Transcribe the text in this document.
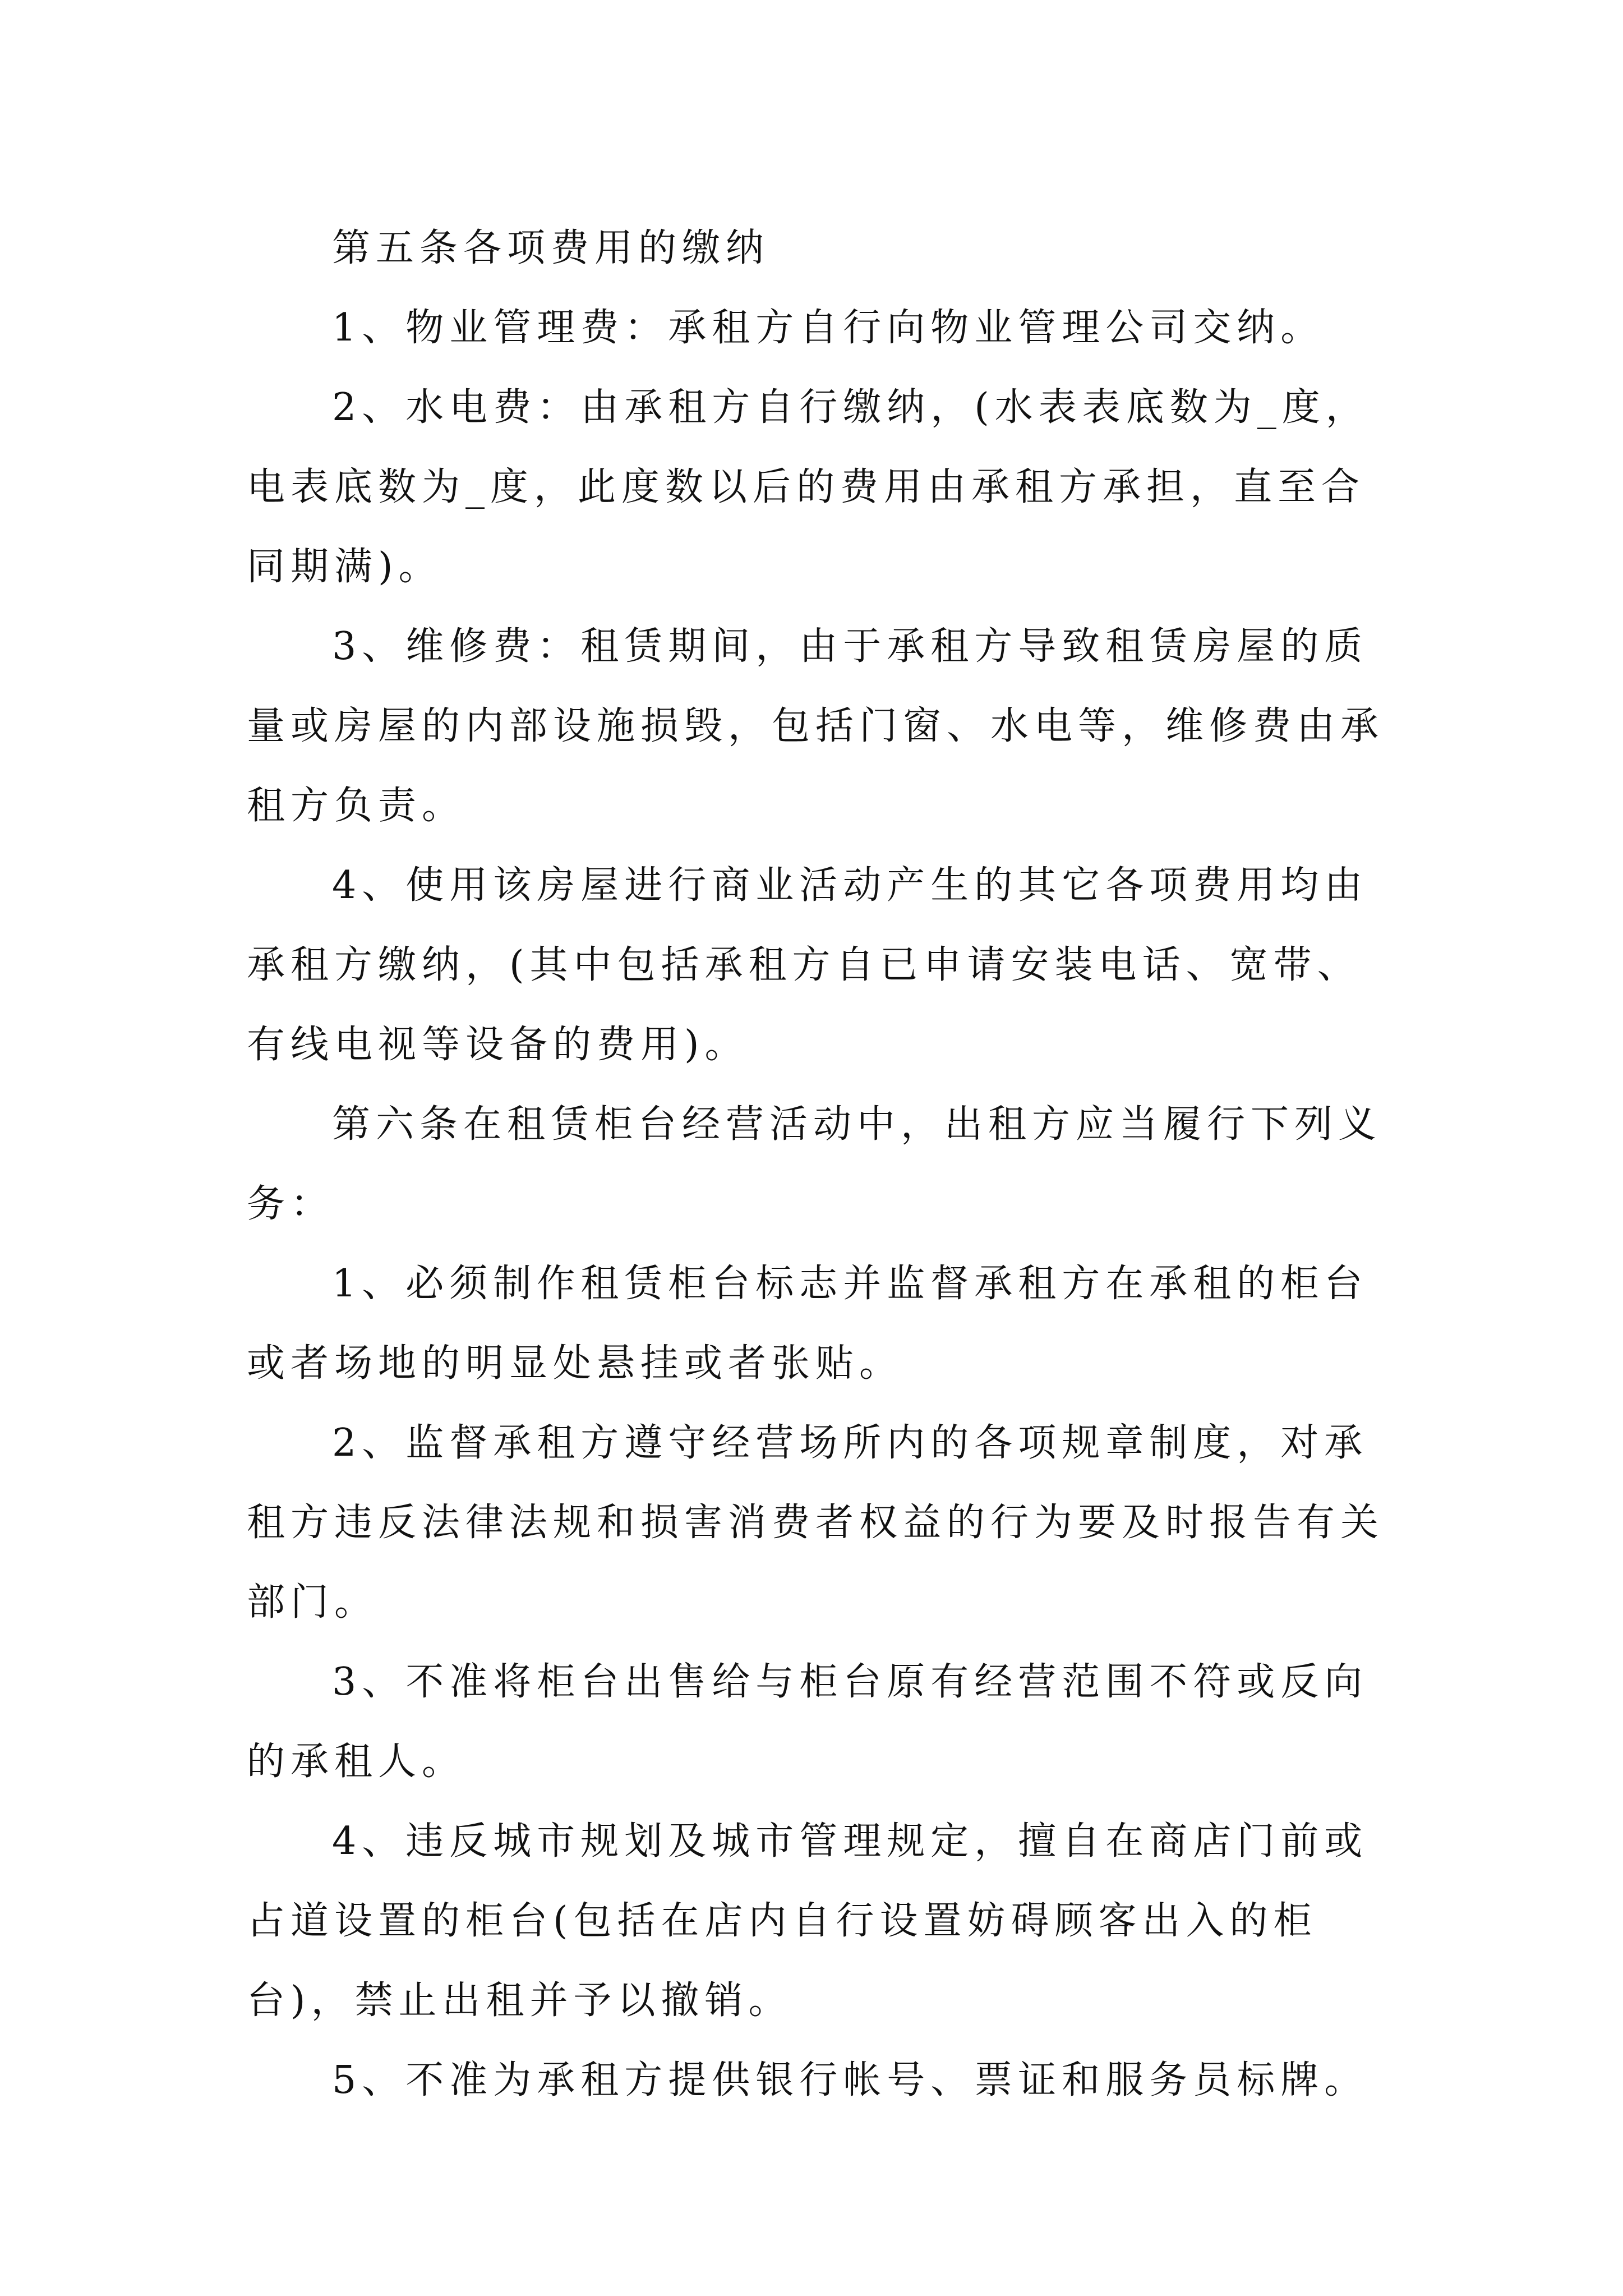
第五条各项费用的缴纳

1、物业管理费：承租方自行向物业管理公司交纳。

2、水电费：由承租方自行缴纳，(水表表底数为_度，电表底数为_度，此度数以后的费用由承租方承担，直至合同期满)。

3、维修费：租赁期间，由于承租方导致租赁房屋的质量或房屋的内部设施损毁，包括门窗、水电等，维修费由承租方负责。

4、使用该房屋进行商业活动产生的其它各项费用均由承租方缴纳，(其中包括承租方自已申请安装电话、宽带、有线电视等设备的费用)。

第六条在租赁柜台经营活动中，出租方应当履行下列义务：

1、必须制作租赁柜台标志并监督承租方在承租的柜台或者场地的明显处悬挂或者张贴。

2、监督承租方遵守经营场所内的各项规章制度，对承租方违反法律法规和损害消费者权益的行为要及时报告有关部门。

3、不准将柜台出售给与柜台原有经营范围不符或反向的承租人。

4、违反城市规划及城市管理规定，擅自在商店门前或占道设置的柜台(包括在店内自行设置妨碍顾客出入的柜台)，禁止出租并予以撤销。

5、不准为承租方提供银行帐号、票证和服务员标牌。
